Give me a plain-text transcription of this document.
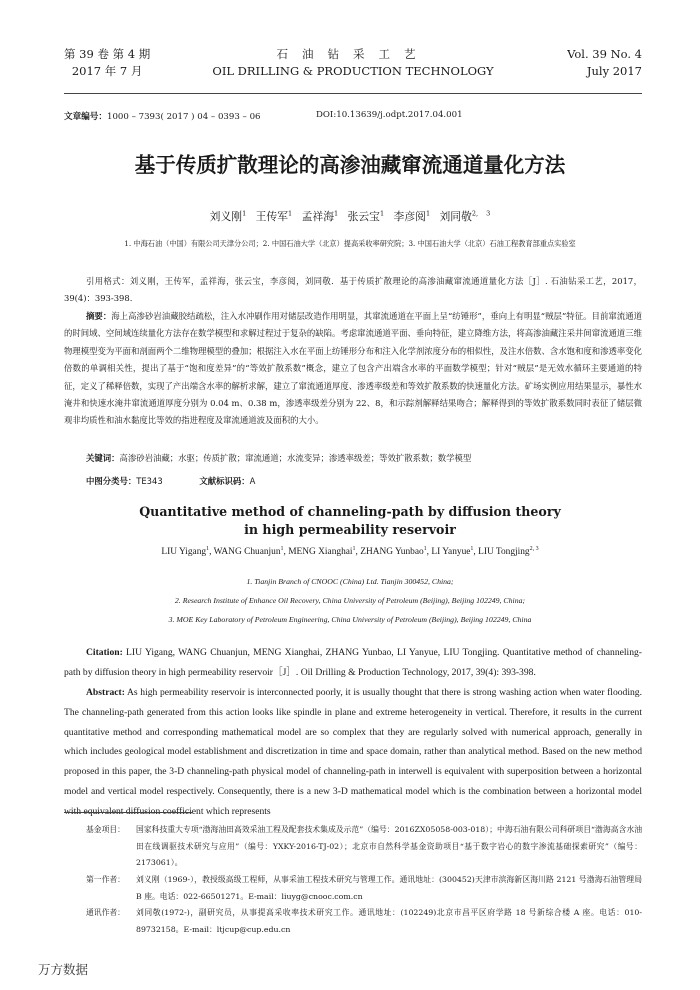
第 39 卷 第 4 期
2017 年 7 月
石油钻采工艺
OIL DRILLING & PRODUCTION TECHNOLOGY
Vol. 39 No. 4
July 2017
文章编号：1000 – 7393( 2017 ) 04 – 0393 – 06	DOI:10.13639/j.odpt.2017.04.001
基于传质扩散理论的高渗油藏窜流通道量化方法
刘义刚$^1$ 王传军$^1$ 孟祥海$^1$ 张云宝$^1$ 李彦阅$^1$ 刘同敬$^{2, 3}$
1. 中海石油（中国）有限公司天津分公司；2. 中国石油大学（北京）提高采收率研究院；3. 中国石油大学（北京）石油工程教育部重点实验室
引用格式：刘义刚，王传军，孟祥海，张云宝，李彦阅，刘同敬．基于传质扩散理论的高渗油藏窜流通道量化方法［J］. 石油钻采工艺，2017，39(4)：393-398.
摘要：海上高渗砂岩油藏胶结疏松，注入水冲刷作用对储层改造作用明显，其窜流通道在平面上呈“纺锤形”，垂向上有明显“贼层”特征。目前窜流通道的时间域、空间域连续量化方法存在数学模型和求解过程过于复杂的缺陷。考虑窜流通道平面、垂向特征，建立降维方法，将高渗油藏注采井间窜流通道三维物理模型变为平面和剖面两个二维物理模型的叠加；根据注入水在平面上纺锤形分布和注入化学剂浓度分布的相似性，及注水倍数、含水饱和度和渗透率变化倍数的单调相关性，提出了基于“饱和度差异”的“等效扩散系数”概念，建立了包含产出端含水率的平面数学模型；针对“贼层”是无效水循环主要通道的特征，定义了稀释倍数，实现了产出端含水率的解析求解，建立了窜流通道厚度、渗透率级差和等效扩散系数的快速量化方法。矿场实例应用结果显示，暴性水淹井和快速水淹井窜流通道厚度分别为 0.04 m、0.38 m，渗透率级差分别为 22、8，和示踪剂解释结果吻合；解释得到的等效扩散系数同时表征了储层微观非均质性和油水黏度比等效的指进程度及窜流通道波及面积的大小。
关键词：高渗砂岩油藏；水驱；传质扩散；窜流通道；水流变异；渗透率级差；等效扩散系数；数学模型
中图分类号：TE343	文献标识码：A
Quantitative method of channeling-path by diffusion theory
in high permeability reservoir
LIU Yigang$^1$, WANG Chuanjun$^1$, MENG Xianghai$^1$, ZHANG Yunbao$^1$, LI Yanyue$^1$, LIU Tongjing$^{2, 3}$
1. Tianjin Branch of CNOOC (China) Ltd. Tianjin 300452, China;
2. Research Institute of Enhance Oil Recovery, China University of Petroleum (Beijing), Beijing 102249, China;
3. MOE Key Laboratory of Petroleum Engineering, China University of Petroleum (Beijing), Beijing 102249, China
Citation: LIU Yigang, WANG Chuanjun, MENG Xianghai, ZHANG Yunbao, LI Yanyue, LIU Tongjing. Quantitative method of channeling-path by diffusion theory in high permeability reservoir［J］. Oil Drilling & Production Technology, 2017, 39(4): 393-398.
Abstract: As high permeability reservoir is interconnected poorly, it is usually thought that there is strong washing action when water flooding. The channeling-path generated from this action looks like spindle in plane and extreme heterogeneity in vertical. Therefore, it results in the current quantitative method and corresponding mathematical model are so complex that they are regularly solved with numerical approach, generally in which includes geological model establishment and discretization in time and space domain, rather than analytical method. Based on the new method proposed in this paper, the 3-D channeling-path physical model of channeling-path in interwell is equivalent with superposition between a horizontal model and vertical model respectively. Consequently, there is a new 3-D mathematical model which is the combination between a horizontal model with equivalent diffusion coefficient which represents
基金项目：	国家科技重大专项“渤海油田高效采油工程及配套技术集成及示范”（编号：2016ZX05058-003-018）；中海石油有限公司科研项目“渤海高含水油田在线调驱技术研究与应用”（编号：YXKY-2016-TJ-02）；北京市自然科学基金资助项目“基于数字岩心的数字渗流基础探索研究”（编号：2173061）。
第一作者：	刘义刚（1969-），教授级高级工程师，从事采油工程技术研究与管理工作。通讯地址：(300452)天津市滨海新区海川路 2121 号渤海石油管理局 B 座。电话：022-66501271。E-mail：liuyg@cnooc.com.cn
通讯作者：	刘同敬(1972-)，副研究员，从事提高采收率技术研究工作。通讯地址：(102249)北京市昌平区府学路 18 号新综合楼 A 座。电话：010-89732158。E-mail：ltjcup@cup.edu.cn
万方数据
